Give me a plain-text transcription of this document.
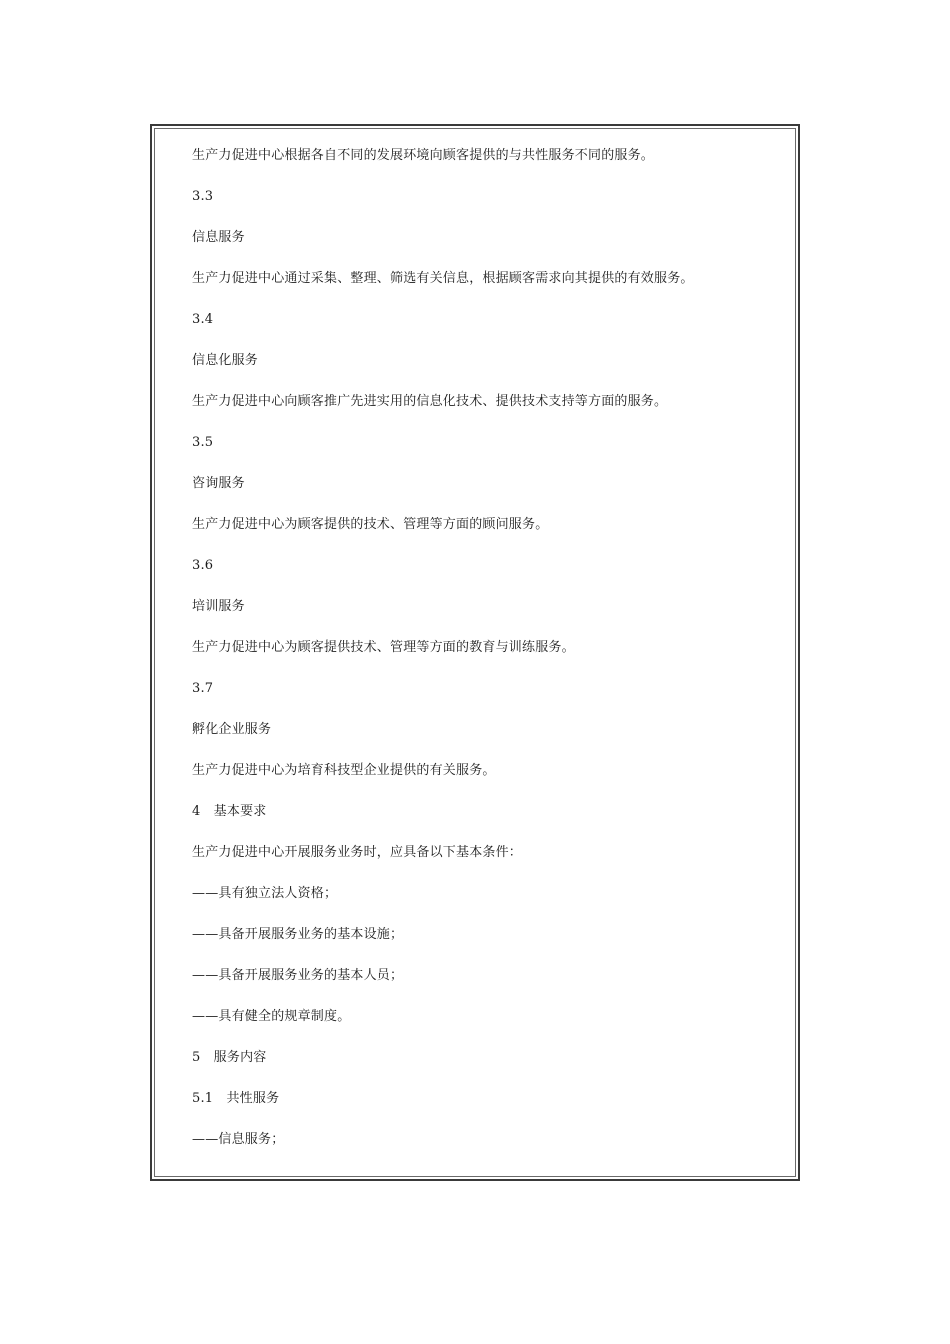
生产力促进中心根据各自不同的发展环境向顾客提供的与共性服务不同的服务。
3.3
信息服务
生产力促进中心通过采集、整理、筛选有关信息，根据顾客需求向其提供的有效服务。
3.4
信息化服务
生产力促进中心向顾客推广先进实用的信息化技术、提供技术支持等方面的服务。
3.5
咨询服务
生产力促进中心为顾客提供的技术、管理等方面的顾问服务。
3.6
培训服务
生产力促进中心为顾客提供技术、管理等方面的教育与训练服务。
3.7
孵化企业服务
生产力促进中心为培育科技型企业提供的有关服务。
4　基本要求
生产力促进中心开展服务业务时，应具备以下基本条件：
——具有独立法人资格；
——具备开展服务业务的基本设施；
——具备开展服务业务的基本人员；
——具有健全的规章制度。
5　服务内容
5.1　共性服务
——信息服务；
